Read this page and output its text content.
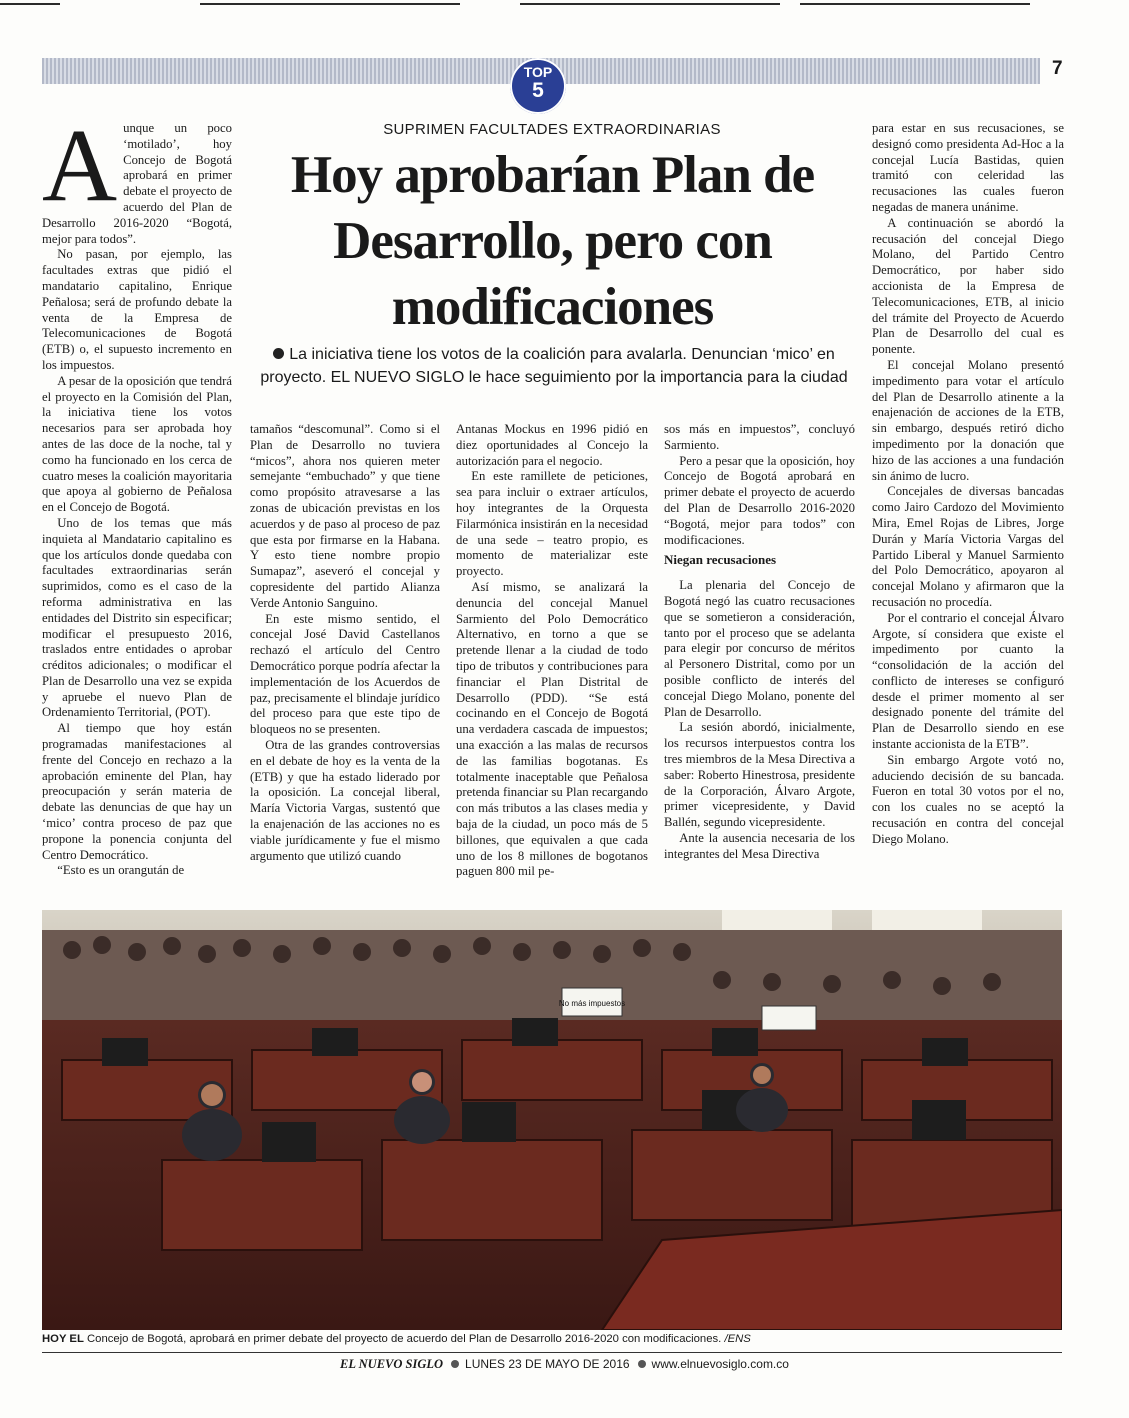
7
TOP
5
SUPRIMEN FACULTADES EXTRAORDINARIAS
Hoy aprobarían Plan de Desarrollo, pero con modificaciones
La iniciativa tiene los votos de la coalición para avalarla. Denuncian ‘mico’ en proyecto. EL NUEVO SIGLO le hace seguimiento por la importancia para la ciudad
A unque un poco ‘motilado’, hoy Concejo de Bogotá aprobará en primer debate el proyecto de acuerdo del Plan de Desarrollo 2016-2020 “Bogotá, mejor para todos”.

No pasan, por ejemplo, las facultades extras que pidió el mandatario capitalino, Enrique Peñalosa; será de profundo debate la venta de la Empresa de Telecomunicaciones de Bogotá (ETB) o, el supuesto incremento en los impuestos.

A pesar de la oposición que tendrá el proyecto en la Comisión del Plan, la iniciativa tiene los votos necesarios para ser aprobada hoy antes de las doce de la noche, tal y como ha funcionado en los cerca de cuatro meses la coalición mayoritaria que apoya al gobierno de Peñalosa en el Concejo de Bogotá.

Uno de los temas que más inquieta al Mandatario capitalino es que los artículos donde quedaba con facultades extraordinarias serán suprimidos, como es el caso de la reforma administrativa en las entidades del Distrito sin especificar; modificar el presupuesto 2016, traslados entre entidades o aprobar créditos adicionales; o modificar el Plan de Desarrollo una vez se expida y apruebe el nuevo Plan de Ordenamiento Territorial, (POT).

Al tiempo que hoy están programadas manifestaciones al frente del Concejo en rechazo a la aprobación eminente del Plan, hay preocupación y serán materia de debate las denuncias de que hay un ‘mico’ contra proceso de paz que propone la ponencia conjunta del Centro Democrático.

“Esto es un orangután de

tamaños “descomunal”. Como si el Plan de Desarrollo no tuviera “micos”, ahora nos quieren meter semejante “embuchado” y que tiene como propósito atravesarse a las zonas de ubicación previstas en los acuerdos y de paso al proceso de paz que esta por firmarse en la Habana. Y esto tiene nombre propio Sumapaz”, aseveró el concejal y copresidente del partido Alianza Verde Antonio Sanguino.

En este mismo sentido, el concejal José David Castellanos rechazó el artículo del Centro Democrático porque podría afectar la implementación de los Acuerdos de paz, precisamente el blindaje jurídico del proceso para que este tipo de bloqueos no se presenten.

Otra de las grandes controversias en el debate de hoy es la venta de la (ETB) y que ha estado liderado por la oposición. La concejal liberal, María Victoria Vargas, sustentó que la enajenación de las acciones no es viable jurídicamente y fue el mismo argumento que utilizó cuando

Antanas Mockus en 1996 pidió en diez oportunidades al Concejo la autorización para el negocio.

En este ramillete de peticiones, sea para incluir o extraer artículos, hoy integrantes de la Orquesta Filarmónica insistirán en la necesidad de una sede – teatro propio, es momento de materializar este proyecto.

Así mismo, se analizará la denuncia del concejal Manuel Sarmiento del Polo Democrático Alternativo, en torno a que se pretende llenar a la ciudad de todo tipo de tributos y contribuciones para financiar el Plan Distrital de Desarrollo (PDD). “Se está cocinando en el Concejo de Bogotá una verdadera cascada de impuestos; una exacción a las malas de recursos de las familias bogotanas. Es totalmente inaceptable que Peñalosa pretenda financiar su Plan recargando con más tributos a las clases media y baja de la ciudad, un poco más de 5 billones, que equivalen a que cada uno de los 8 millones de bogotanos paguen 800 mil pe-

sos más en impuestos”, concluyó Sarmiento.

Pero a pesar que la oposición, hoy Concejo de Bogotá aprobará en primer debate el proyecto de acuerdo del Plan de Desarrollo 2016-2020 “Bogotá, mejor para todos” con modificaciones.

Niegan recusaciones

La plenaria del Concejo de Bogotá negó las cuatro recusaciones que se sometieron a consideración, tanto por el proceso que se adelanta para elegir por concurso de méritos al Personero Distrital, como por un posible conflicto de interés del concejal Diego Molano, ponente del Plan de Desarrollo.

La sesión abordó, inicialmente, los recursos interpuestos contra los tres miembros de la Mesa Directiva a saber: Roberto Hinestrosa, presidente de la Corporación, Álvaro Argote, primer vicepresidente, y David Ballén, segundo vicepresidente.

Ante la ausencia necesaria de los integrantes del Mesa Directiva

para estar en sus recusaciones, se designó como presidenta Ad-Hoc a la concejal Lucía Bastidas, quien tramitó con celeridad las recusaciones las cuales fueron negadas de manera unánime.

A continuación se abordó la recusación del concejal Diego Molano, del Partido Centro Democrático, por haber sido accionista de la Empresa de Telecomunicaciones, ETB, al inicio del trámite del Proyecto de Acuerdo Plan de Desarrollo del cual es ponente.

El concejal Molano presentó impedimento para votar el artículo del Plan de Desarrollo atinente a la enajenación de acciones de la ETB, sin embargo, después retiró dicho impedimento por la donación que hizo de las acciones a una fundación sin ánimo de lucro.

Concejales de diversas bancadas como Jairo Cardozo del Movimiento Mira, Emel Rojas de Libres, Jorge Durán y María Victoria Vargas del Partido Liberal y Manuel Sarmiento del Polo Democrático, apoyaron al concejal Molano y afirmaron que la recusación no procedía.

Por el contrario el concejal Álvaro Argote, sí considera que existe el impedimento por cuanto la “consolidación de la acción del conflicto de intereses se configuró desde el primer momento al ser designado ponente del trámite del Plan de Desarrollo siendo en ese instante accionista de la ETB”.

Sin embargo Argote votó no, aduciendo decisión de su bancada. Fueron en total 30 votos por el no, con los cuales no se aceptó la recusación en contra del concejal Diego Molano.

No más impuestos
HOY EL Concejo de Bogotá, aprobará en primer debate del proyecto de acuerdo del Plan de Desarrollo 2016-2020 con modificaciones. /ENS
EL NUEVO SIGLO LUNES 23 DE MAYO DE 2016 www.elnuevosiglo.com.co
